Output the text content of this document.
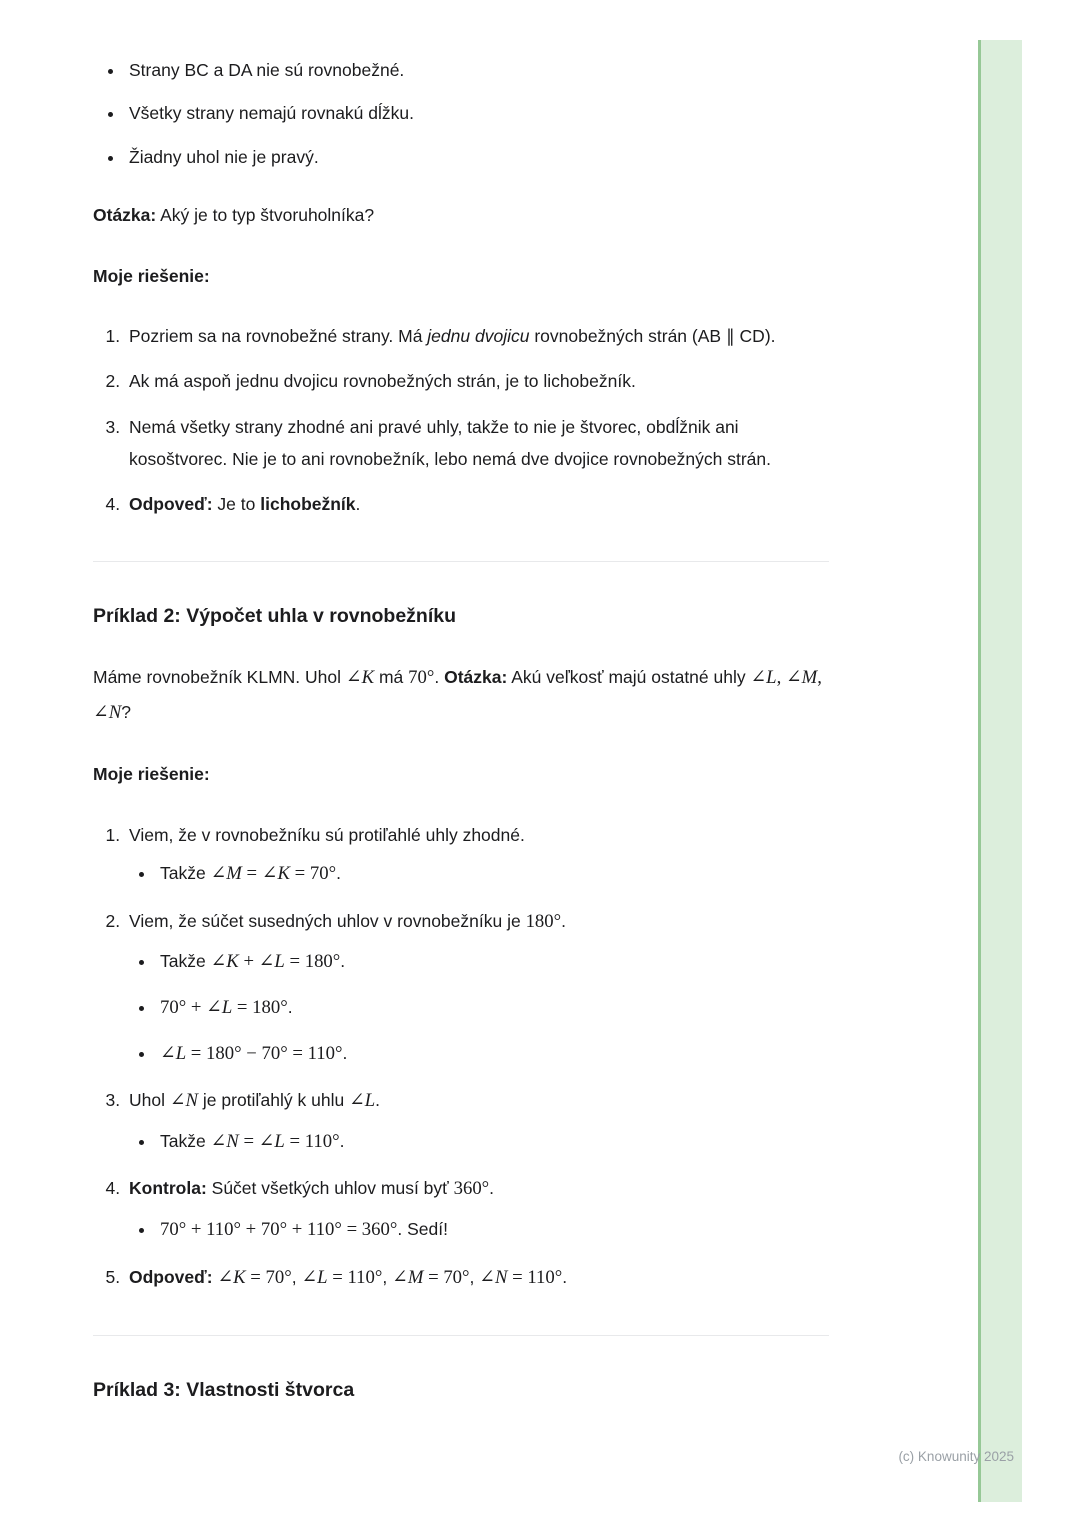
• Strany BC a DA nie sú rovnobežné.
• Všetky strany nemajú rovnakú dĺžku.
• Žiadny uhol nie je pravý.

Otázka: Aký je to typ štvoruholníka?

Moje riešenie:

1. Pozriem sa na rovnobežné strany. Má jednu dvojicu rovnobežných strán (AB ∥ CD).
2. Ak má aspoň jednu dvojicu rovnobežných strán, je to lichobežník.
3. Nemá všetky strany zhodné ani pravé uhly, takže to nie je štvorec, obdĺžnik ani kosoštvorec. Nie je to ani rovnobežník, lebo nemá dve dvojice rovnobežných strán.
4. Odpoveď: Je to lichobežník.
Príklad 2: Výpočet uhla v rovnobežníku

Máme rovnobežník KLMN. Uhol ∠K má 70°. Otázka: Akú veľkosť majú ostatné uhly ∠L, ∠M, ∠N?

Moje riešenie:

1. Viem, že v rovnobežníku sú protiľahlé uhly zhodné.
• Takže ∠M = ∠K = 70°.
2. Viem, že súčet susedných uhlov v rovnobežníku je 180°.
• Takže ∠K + ∠L = 180°.
• 70° + ∠L = 180°.
• ∠L = 180° − 70° = 110°.
3. Uhol ∠N je protiľahlý k uhlu ∠L.
• Takže ∠N = ∠L = 110°.
4. Kontrola: Súčet všetkých uhlov musí byť 360°.
• 70° + 110° + 70° + 110° = 360°. Sedí!
5. Odpoveď: ∠K = 70°, ∠L = 110°, ∠M = 70°, ∠N = 110°.
Príklad 3: Vlastnosti štvorca
(c) Knowunity 2025
